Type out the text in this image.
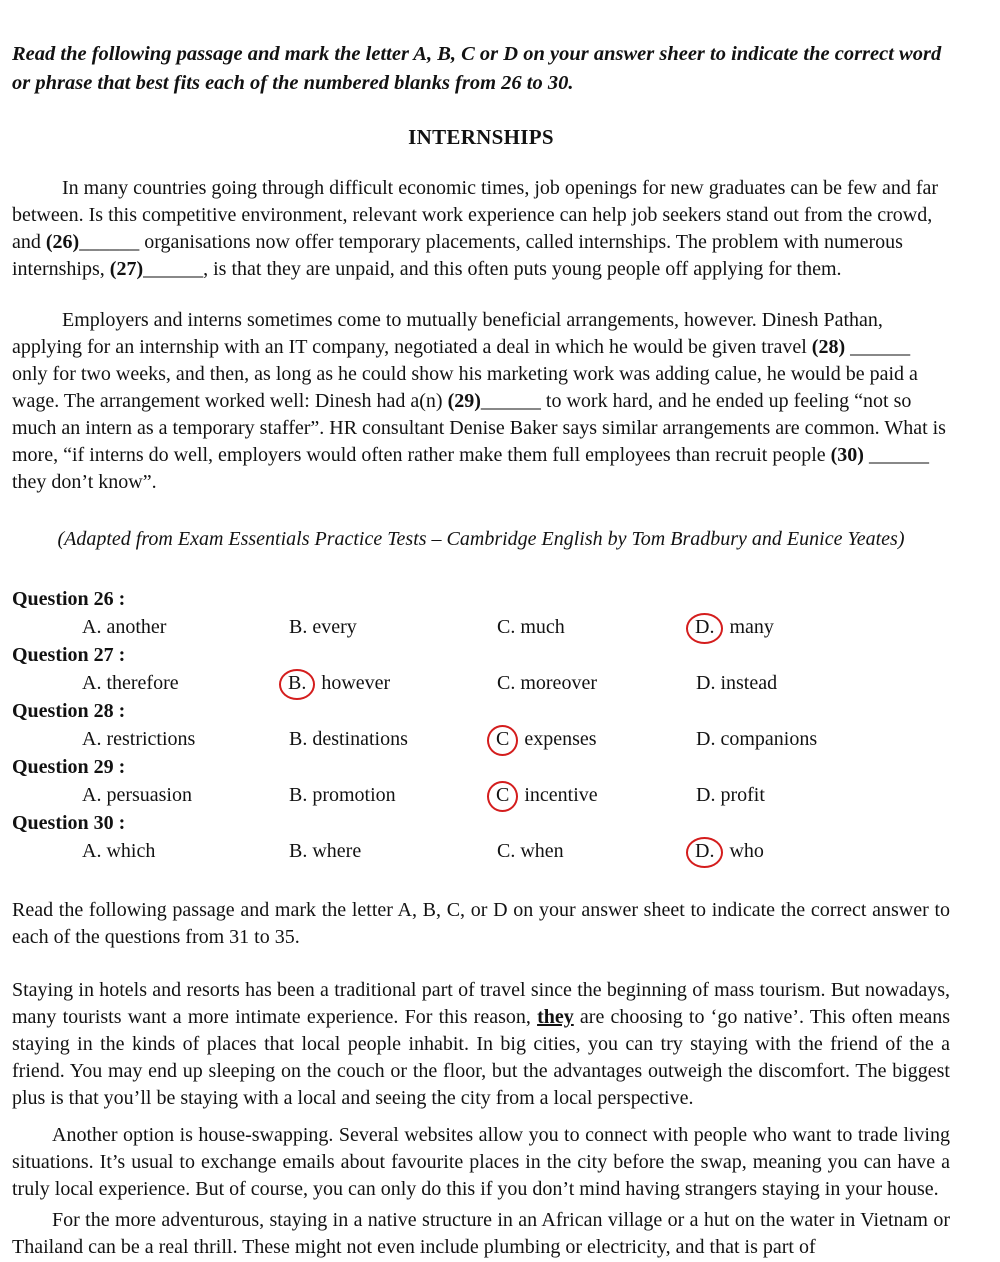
Read the following passage and mark the letter A, B, C or D on your answer sheer to indicate the correct word or phrase that best fits each of the numbered blanks from 26 to 30.

INTERNSHIPS

In many countries going through difficult economic times, job openings for new graduates can be few and far between. Is this competitive environment, relevant work experience can help job seekers stand out from the crowd, and (26)______ organisations now offer temporary placements, called internships. The problem with numerous internships, (27)______, is that they are unpaid, and this often puts young people off applying for them.

Employers and interns sometimes come to mutually beneficial arrangements, however. Dinesh Pathan, applying for an internship with an IT company, negotiated a deal in which he would be given travel (28) ______ only for two weeks, and then, as long as he could show his marketing work was adding calue, he would be paid a wage. The arrangement worked well: Dinesh had a(n) (29)______ to work hard, and he ended up feeling “not so much an intern as a temporary staffer”. HR consultant Denise Baker says similar arrangements are common. What is more, “if interns do well, employers would often rather make them full employees than recruit people (30) ______ they don’t know”.

(Adapted from Exam Essentials Practice Tests – Cambridge English by Tom Bradbury and Eunice Yeates)

Question 26 :
A. another	B. every	C. much	D. many
Question 27 :
A. therefore	B. however	C. moreover	D. instead
Question 28 :
A. restrictions	B. destinations	C expenses	D. companions
Question 29 :
A. persuasion	B. promotion	C incentive	D. profit
Question 30 :
A. which	B. where	C. when	D. who

Read the following passage and mark the letter A, B, C, or D on your answer sheet to indicate the correct answer to each of the questions from 31 to 35.

Staying in hotels and resorts has been a traditional part of travel since the beginning of mass tourism. But nowadays, many tourists want a more intimate experience. For this reason, they are choosing to ‘go native’. This often means staying in the kinds of places that local people inhabit. In big cities, you can try staying with the friend of the a friend. You may end up sleeping on the couch or the floor, but the advantages outweigh the discomfort. The biggest plus is that you’ll be staying with a local and seeing the city from a local perspective.

Another option is house-swapping. Several websites allow you to connect with people who want to trade living situations. It’s usual to exchange emails about favourite places in the city before the swap, meaning you can have a truly local experience. But of course, you can only do this if you don’t mind having strangers staying in your house.

For the more adventurous, staying in a native structure in an African village or a hut on the water in Vietnam or Thailand can be a real thrill. These might not even include plumbing or electricity, and that is part of
